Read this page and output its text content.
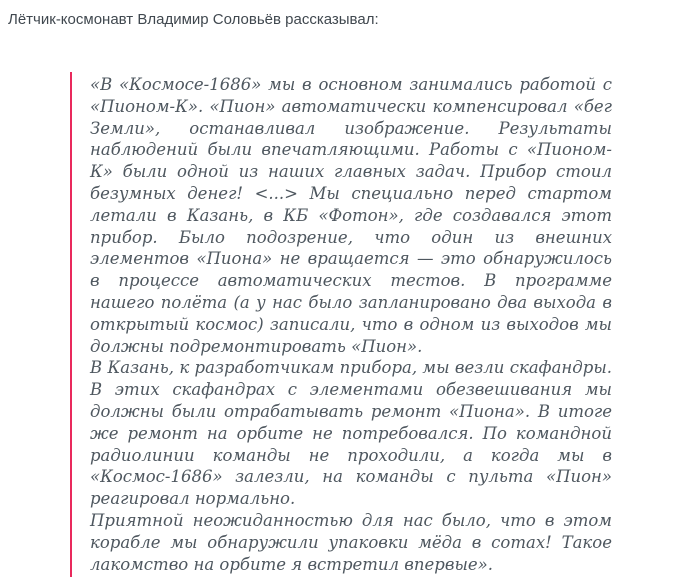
Лётчик-космонавт Владимир Соловьёв рассказывал:

«В «Космосе-1686» мы в основном занимались работой с «Пионом-К». «Пион» автоматически компенсировал «бег Земли», останавливал изображение. Результаты наблюдений были впечатляющими. Работы с «Пионом-К» были одной из наших главных задач. Прибор стоил безумных денег! <...> Мы специально перед стартом летали в Казань, в КБ «Фотон», где создавался этот прибор. Было подозрение, что один из внешних элементов «Пиона» не вращается — это обнаружилось в процессе автоматических тестов. В программе нашего полёта (а у нас было запланировано два выхода в открытый космос) записали, что в одном из выходов мы должны подремонтировать «Пион».

В Казань, к разработчикам прибора, мы везли скафандры. В этих скафандрах с элементами обезвешивания мы должны были отрабатывать ремонт «Пиона». В итоге же ремонт на орбите не потребовался. По командной радиолинии команды не проходили, а когда мы в «Космос-1686» залезли, на команды с пульта «Пион» реагировал нормально.

Приятной неожиданностью для нас было, что в этом корабле мы обнаружили упаковки мёда в сотах! Такое лакомство на орбите я встретил впервые».
